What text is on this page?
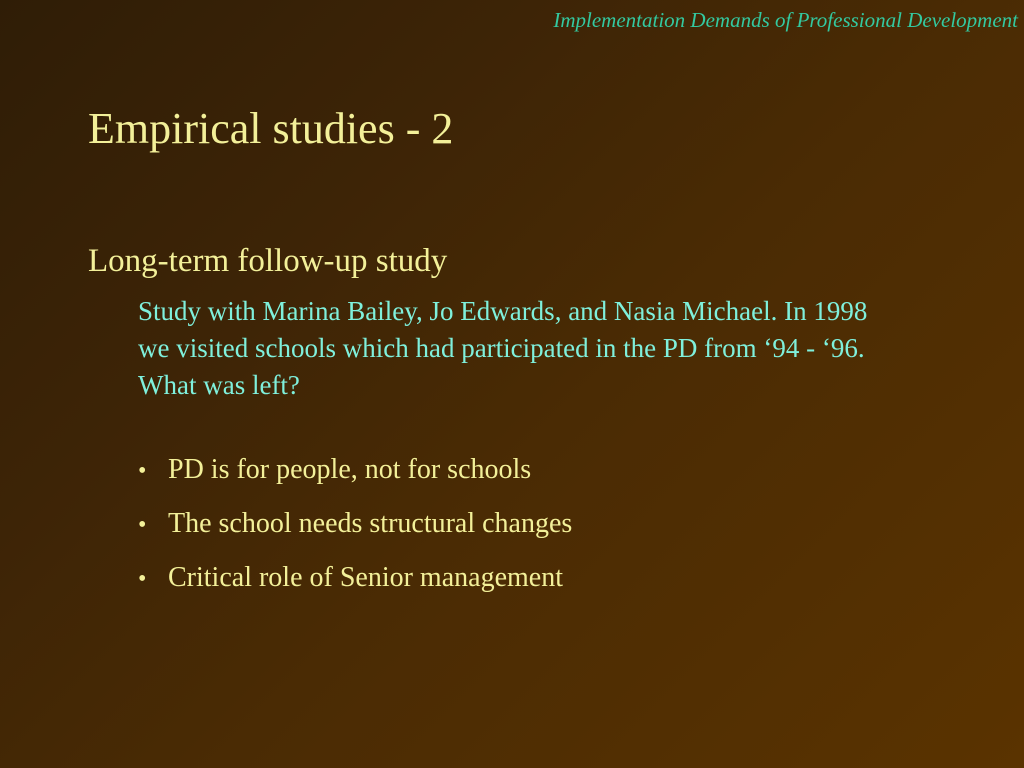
Implementation Demands of Professional Development
Empirical studies - 2
Long-term follow-up study
Study with Marina Bailey, Jo Edwards, and Nasia Michael. In 1998 we visited schools which had participated in the PD from ‘94 - ‘96. What was left?
• PD is for people, not for schools
• The school needs structural changes
• Critical role of Senior management
